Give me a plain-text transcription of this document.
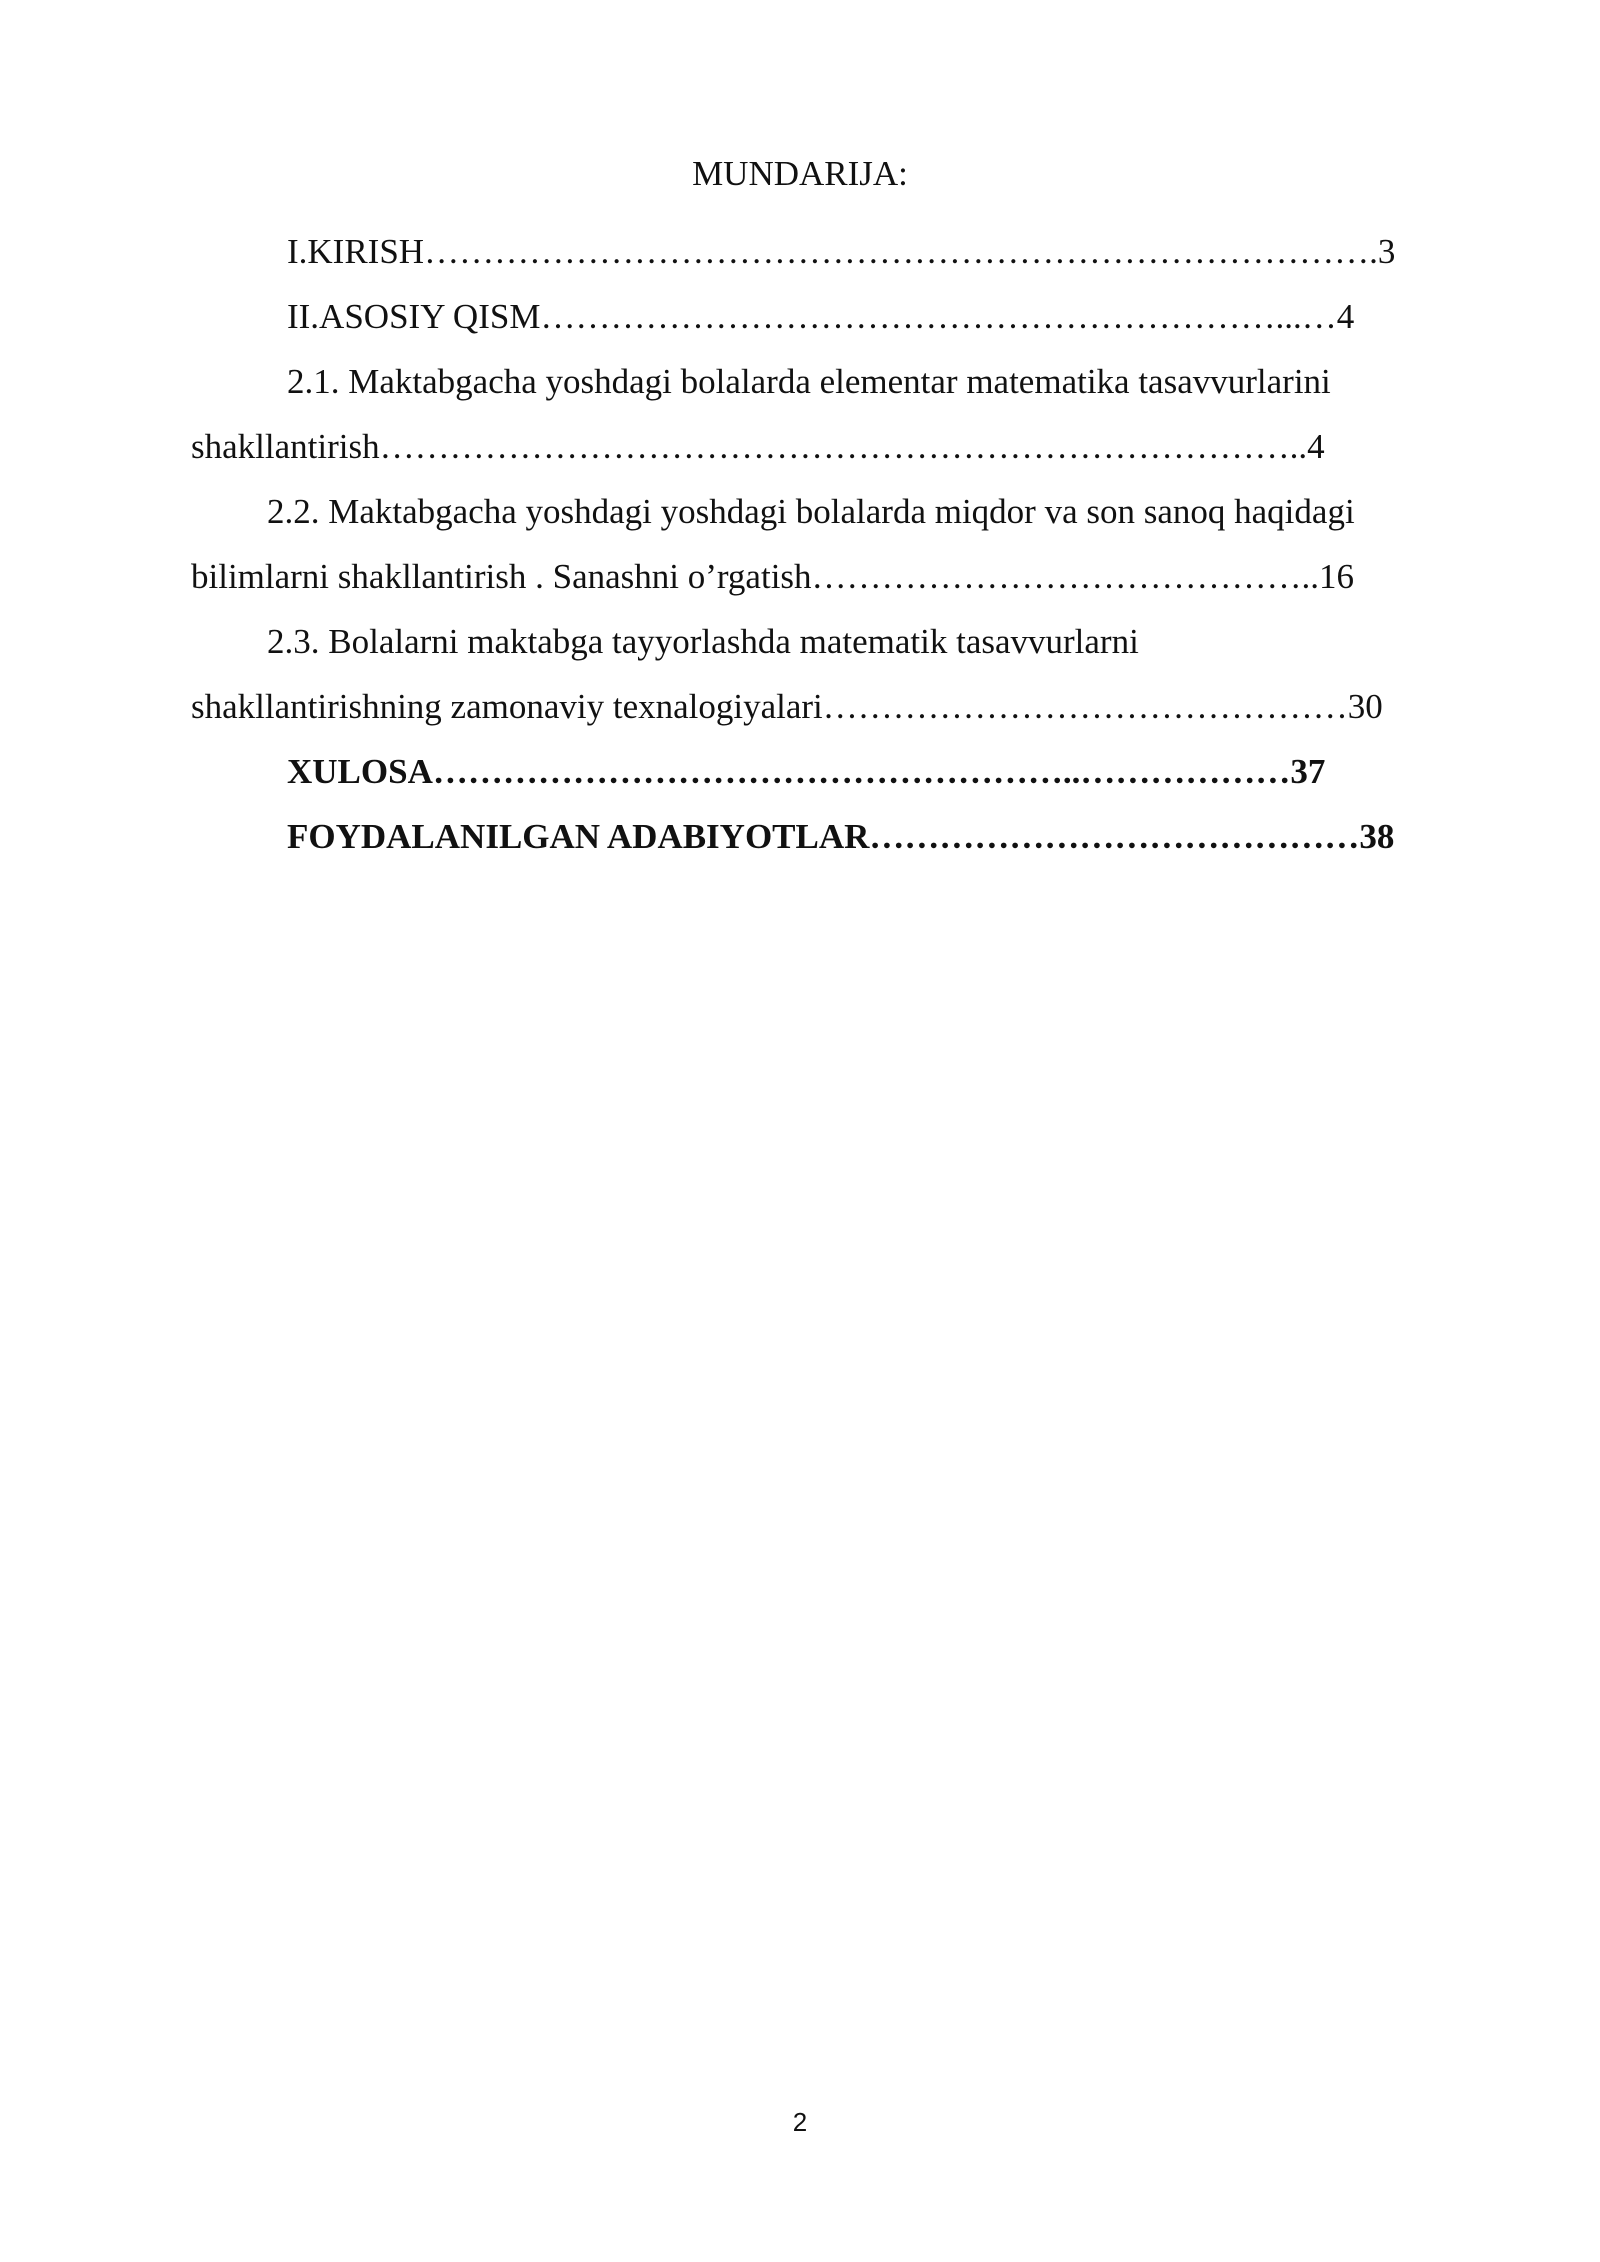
MUNDARIJA:
I.KIRISH……………………………………………………………………….3
II.ASOSIY QISM………………………………………………………...…4
2.1. Maktabgacha yoshdagi bolalarda elementar matematika tasavvurlarini
shakllantirish……………………………………………………………………..4
2.2. Maktabgacha yoshdagi yoshdagi bolalarda miqdor va son sanoq haqidagi
bilimlarni shakllantirish . Sanashni o’rgatish……………………………………..16
2.3. Bolalarni maktabga tayyorlashda matematik tasavvurlarni
shakllantirishning zamonaviy texnalogiyalari………………………………………30
XULOSA………………………………………………..………………37
FOYDALANILGAN ADABIYOTLAR……………………………………38
2
